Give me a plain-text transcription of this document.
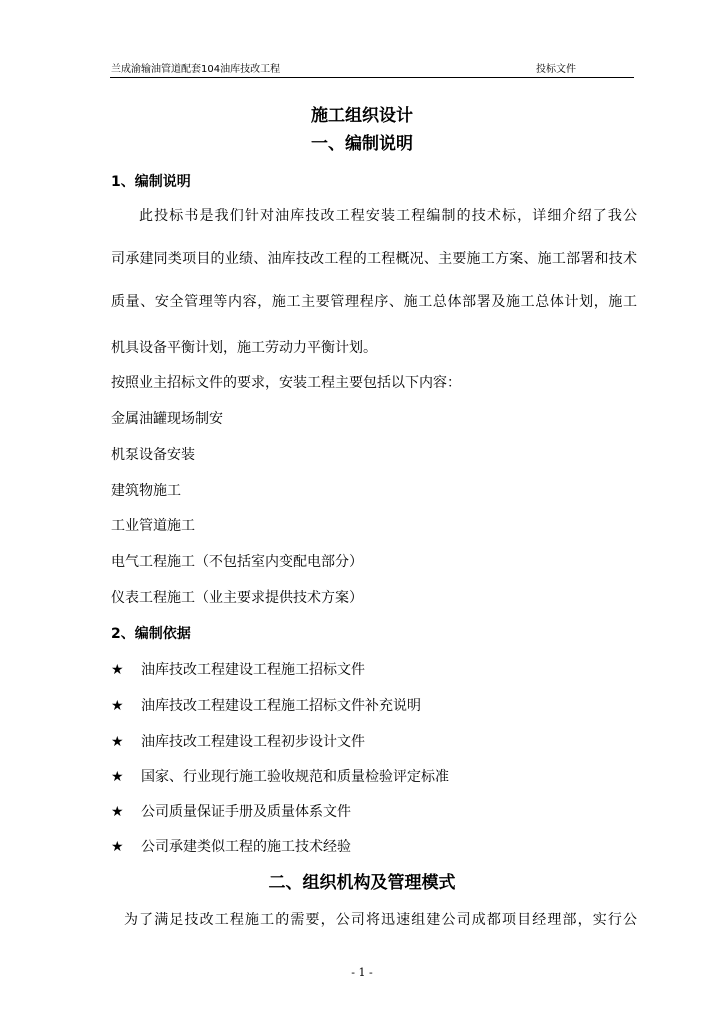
兰成渝输油管道配套104油库技改工程	投标文件
施工组织设计
一、编制说明
1、编制说明
此投标书是我们针对油库技改工程安装工程编制的技术标，详细介绍了我公
司承建同类项目的业绩、油库技改工程的工程概况、主要施工方案、施工部署和技术
质量、安全管理等内容，施工主要管理程序、施工总体部署及施工总体计划，施工
机具设备平衡计划，施工劳动力平衡计划。
按照业主招标文件的要求，安装工程主要包括以下内容：
金属油罐现场制安
机泵设备安装
建筑物施工
工业管道施工
电气工程施工（不包括室内变配电部分）
仪表工程施工（业主要求提供技术方案）
2、编制依据
★ 油库技改工程建设工程施工招标文件
★ 油库技改工程建设工程施工招标文件补充说明
★ 油库技改工程建设工程初步设计文件
★ 国家、行业现行施工验收规范和质量检验评定标准
★ 公司质量保证手册及质量体系文件
★ 公司承建类似工程的施工技术经验
二、组织机构及管理模式
为了满足技改工程施工的需要，公司将迅速组建公司成都项目经理部，实行公
- 1 -
